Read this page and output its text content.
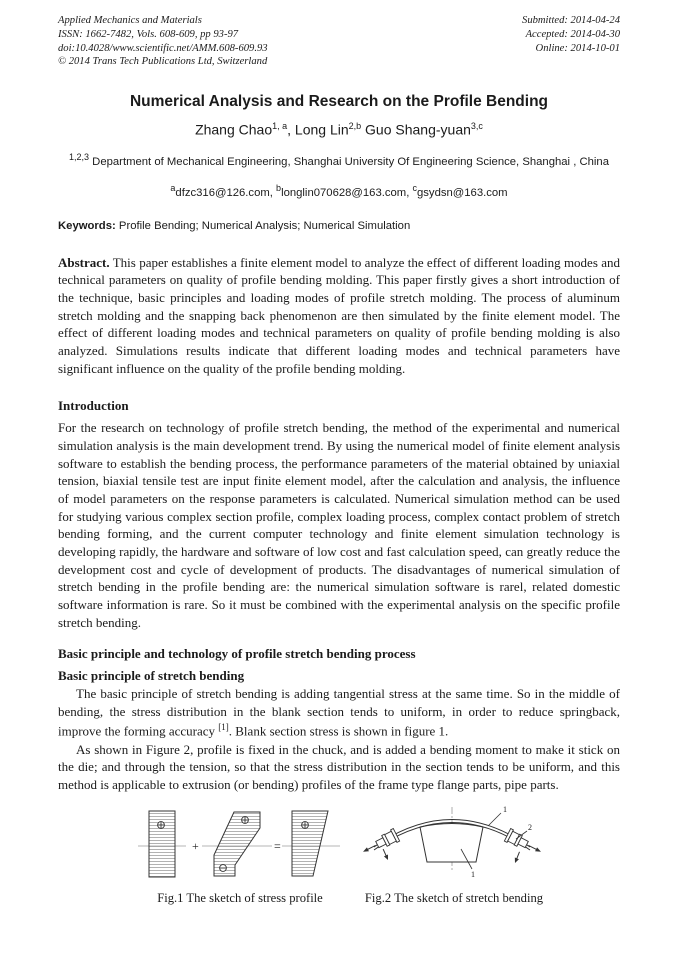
Applied Mechanics and Materials
ISSN: 1662-7482, Vols. 608-609, pp 93-97
doi:10.4028/www.scientific.net/AMM.608-609.93
© 2014 Trans Tech Publications Ltd, Switzerland
Submitted: 2014-04-24
Accepted: 2014-04-30
Online: 2014-10-01
Numerical Analysis and Research on the Profile Bending
Zhang Chao$^{1, a}$, Long Lin$^{2,b}$ Guo Shang-yuan$^{3,c}$
$^{1,2,3}$ Department of Mechanical Engineering, Shanghai University Of Engineering Science, Shanghai , China
$^a$dfzc316@126.com, $^b$longlin070628@163.com, $^c$gsydsn@163.com
Keywords: Profile Bending; Numerical Analysis; Numerical Simulation
Abstract. This paper establishes a finite element model to analyze the effect of different loading modes and technical parameters on quality of profile bending molding. This paper firstly gives a short introduction of the technique, basic principles and loading modes of profile stretch molding. The process of aluminum stretch molding and the snapping back phenomenon are then simulated by the finite element model. The effect of different loading modes and technical parameters on quality of profile bending molding is also analyzed. Simulations results indicate that different loading modes and technical parameters have significant influence on the quality of the profile bending molding.
Introduction
For the research on technology of profile stretch bending, the method of the experimental and numerical simulation analysis is the main development trend. By using the numerical model of finite element analysis software to establish the bending process, the performance parameters of the material obtained by uniaxial tension, biaxial tensile test are input finite element model, after the calculation and analysis, the influence of model parameters on the response parameters is calculated. Numerical simulation method can be used for studying various complex section profile, complex loading process, complex contact problem of stretch bending forming, and the current computer technology and finite element simulation technology is developing rapidly, the hardware and software of low cost and fast calculation speed, can greatly reduce the development cost and cycle of development of products. The disadvantages of numerical simulation of stretch bending in the profile bending are: the numerical simulation software is rarel, related domestic software information is rare. So it must be combined with the experimental analysis on the specific profile stretch bending.
Basic principle and technology of profile stretch bending process
Basic principle of stretch bending
The basic principle of stretch bending is adding tangential stress at the same time. So in the middle of bending, the stress distribution in the blank section tends to uniform, in order to reduce springback, improve the forming accuracy [1]. Blank section stress is shown in figure 1.
As shown in Figure 2, profile is fixed in the chuck, and is added a bending moment to make it stick on the die; and through the tension, so that the stress distribution in the section tends to be uniform, and this method is applicable to extrusion (or bending) profiles of the frame type flange parts, pipe parts.
+	=
Fig.1 The sketch of stress profile
1
2
1
Fig.2 The sketch of stretch bending
